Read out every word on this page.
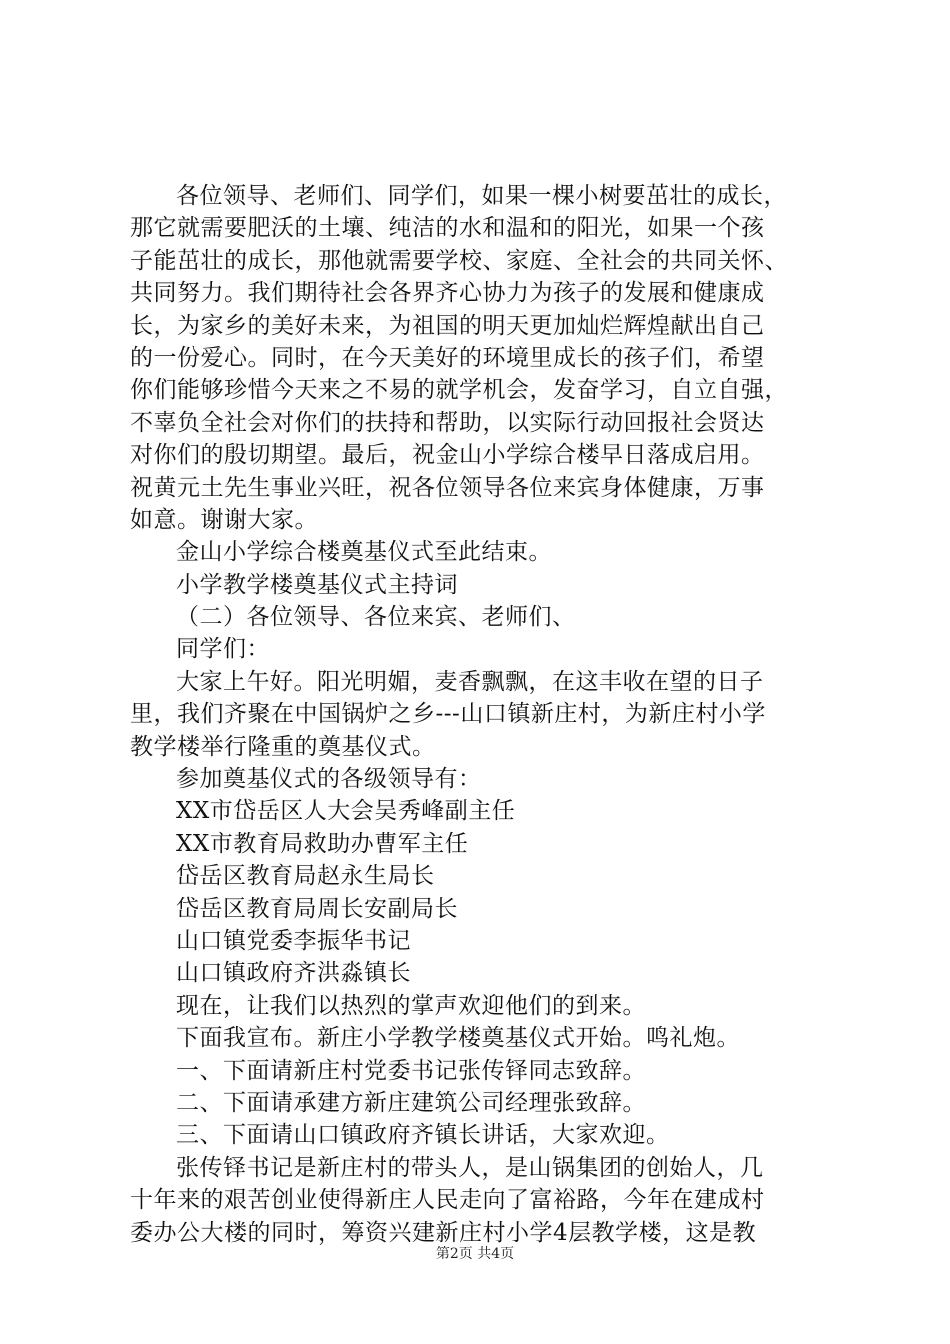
各位领导、老师们、同学们，如果一棵小树要茁壮的成长，
那它就需要肥沃的土壤、纯洁的水和温和的阳光，如果一个孩
子能茁壮的成长，那他就需要学校、家庭、全社会的共同关怀、
共同努力。我们期待社会各界齐心协力为孩子的发展和健康成
长，为家乡的美好未来，为祖国的明天更加灿烂辉煌献出自己
的一份爱心。同时，在今天美好的环境里成长的孩子们，希望
你们能够珍惜今天来之不易的就学机会，发奋学习，自立自强，
不辜负全社会对你们的扶持和帮助，以实际行动回报社会贤达
对你们的殷切期望。最后，祝金山小学综合楼早日落成启用。
祝黄元土先生事业兴旺，祝各位领导各位来宾身体健康，万事
如意。谢谢大家。
金山小学综合楼奠基仪式至此结束。
小学教学楼奠基仪式主持词
（二）各位领导、各位来宾、老师们、
同学们：
大家上午好。阳光明媚，麦香飘飘，在这丰收在望的日子
里，我们齐聚在中国锅炉之乡---山口镇新庄村，为新庄村小学
教学楼举行隆重的奠基仪式。
参加奠基仪式的各级领导有：
XX市岱岳区人大会吴秀峰副主任
XX市教育局救助办曹军主任
岱岳区教育局赵永生局长
岱岳区教育局周长安副局长
山口镇党委李振华书记
山口镇政府齐洪淼镇长
现在，让我们以热烈的掌声欢迎他们的到来。
下面我宣布。新庄小学教学楼奠基仪式开始。鸣礼炮。
一、下面请新庄村党委书记张传铎同志致辞。
二、下面请承建方新庄建筑公司经理张致辞。
三、下面请山口镇政府齐镇长讲话，大家欢迎。
张传铎书记是新庄村的带头人，是山锅集团的创始人，几
十年来的艰苦创业使得新庄人民走向了富裕路，今年在建成村
委办公大楼的同时，筹资兴建新庄村小学4层教学楼，这是教
第2页 共4页
